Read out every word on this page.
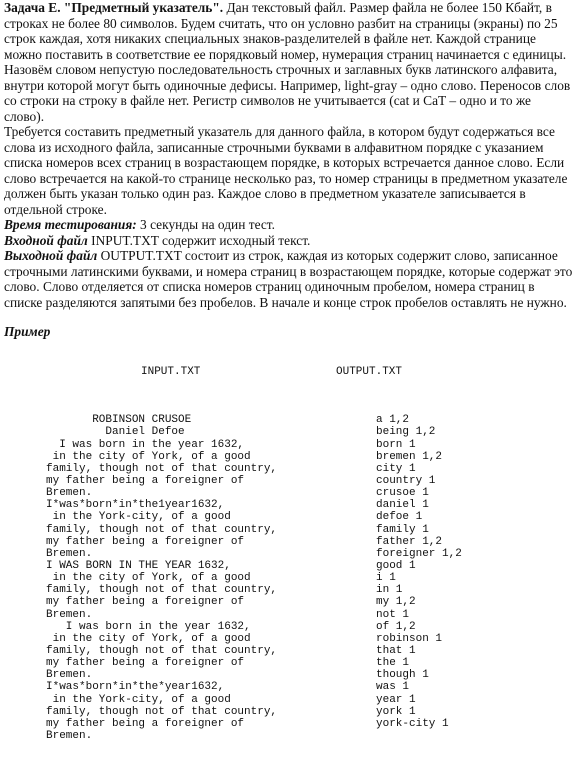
Задача E. "Предметный указатель". Дан текстовый файл. Размер файла не более 150 Кбайт, в строках не более 80 символов. Будем считать, что он условно разбит на страницы (экраны) по 25 строк каждая, хотя никаких специальных знаков-разделителей в файле нет. Каждой странице можно поставить в соответствие ее порядковый номер, нумерация страниц начинается с единицы. Назовём словом непустую последовательность строчных и заглавных букв латинского алфавита, внутри которой могут быть одиночные дефисы. Например, light-gray – одно слово. Переносов слов со строки на строку в файле нет. Регистр символов не учитывается (cat и CaT – одно и то же слово).

Требуется составить предметный указатель для данного файла, в котором будут содержаться все слова из исходного файла, записанные строчными буквами в алфавитном порядке с указанием списка номеров всех страниц в возрастающем порядке, в которых встречается данное слово. Если слово встречается на какой-то странице несколько раз, то номер страницы в предметном указателе должен быть указан только один раз. Каждое слово в предметном указателе записывается в отдельной строке.

Время тестирования: 3 секунды на один тест.

Входной файл INPUT.TXT содержит исходный текст.

Выходной файл OUTPUT.TXT состоит из строк, каждая из которых содержит слово, записанное строчными латинскими буквами, и номера страниц в возрастающем порядке, которые содержат это слово. Слово отделяется от списка номеров страниц одиночным пробелом, номера страниц в списке разделяются запятыми без пробелов. В начале и конце строк пробелов оставлять не нужно.

Пример

INPUT.TXT

ROBINSON CRUSOE
Daniel Defoe
I was born in the year 1632,
in the city of York, of a good
family, though not of that country,
my father being a foreigner of
Bremen.
I*was*born*in*the1year1632,
in the York-city, of a good
family, though not of that country,
my father being a foreigner of
Bremen.
I WAS BORN IN THE YEAR 1632,
in the city of York, of a good
family, though not of that country,
my father being a foreigner of
Bremen.
I was born in the year 1632,
in the city of York, of a good
family, though not of that country,
my father being a foreigner of
Bremen.
I*was*born*in*the*year1632,
in the York-city, of a good
family, though not of that country,
my father being a foreigner of
Bremen.

OUTPUT.TXT

a 1,2
being 1,2
born 1
bremen 1,2
city 1
country 1
crusoe 1
daniel 1
defoe 1
family 1
father 1,2
foreigner 1,2
good 1
i 1
in 1
my 1,2
not 1
of 1,2
robinson 1
that 1
the 1
though 1
was 1
year 1
york 1
york-city 1
